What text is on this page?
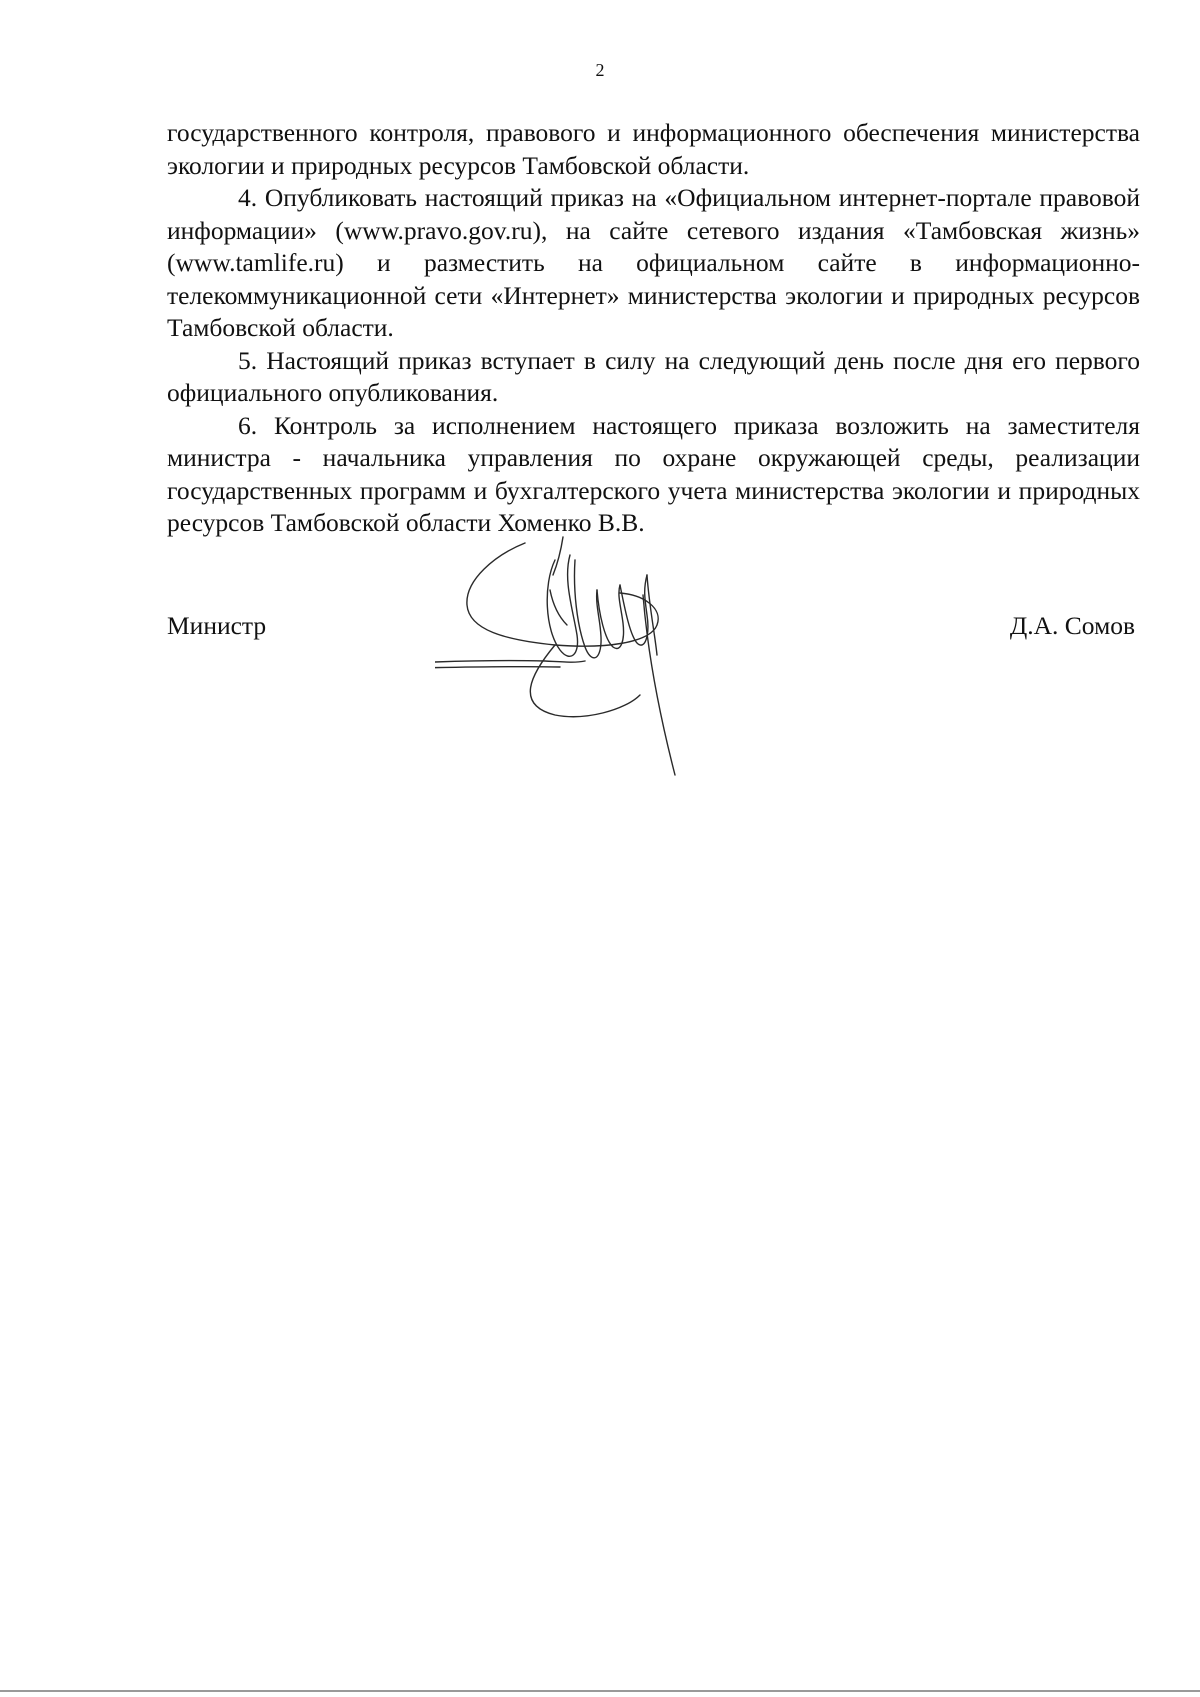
2

государственного контроля, правового и информационного обеспечения министерства экологии и природных ресурсов Тамбовской области.

4. Опубликовать настоящий приказ на «Официальном интернет-портале правовой информации» (www.pravo.gov.ru), на сайте сетевого издания «Тамбовская жизнь» (www.tamlife.ru) и разместить на официальном сайте в информационно-телекоммуникационной сети «Интернет» министерства экологии и природных ресурсов Тамбовской области.

5. Настоящий приказ вступает в силу на следующий день после дня его первого официального опубликования.

6. Контроль за исполнением настоящего приказа возложить на заместителя министра - начальника управления по охране окружающей среды, реализации государственных программ и бухгалтерского учета министерства экологии и природных ресурсов Тамбовской области Хоменко В.В.

Министр	Д.А. Сомов
